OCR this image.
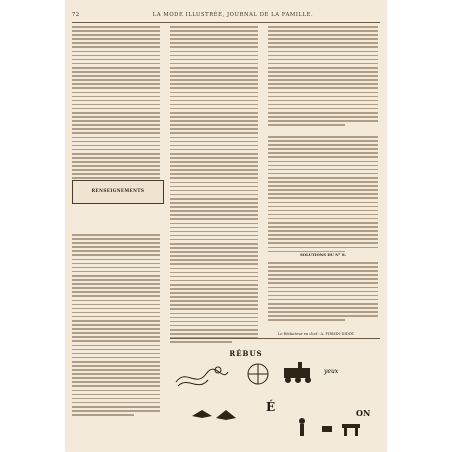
72	LA MODE ILLUSTRÉE, JOURNAL DE LA FAMILLE.
RENSEIGNEMENTS
SOLUTIONS DU N° 8.
Le Rédacteur en chef : A. FIRMIN-DIDOT.
RÉBUS
É
yeux
ON
